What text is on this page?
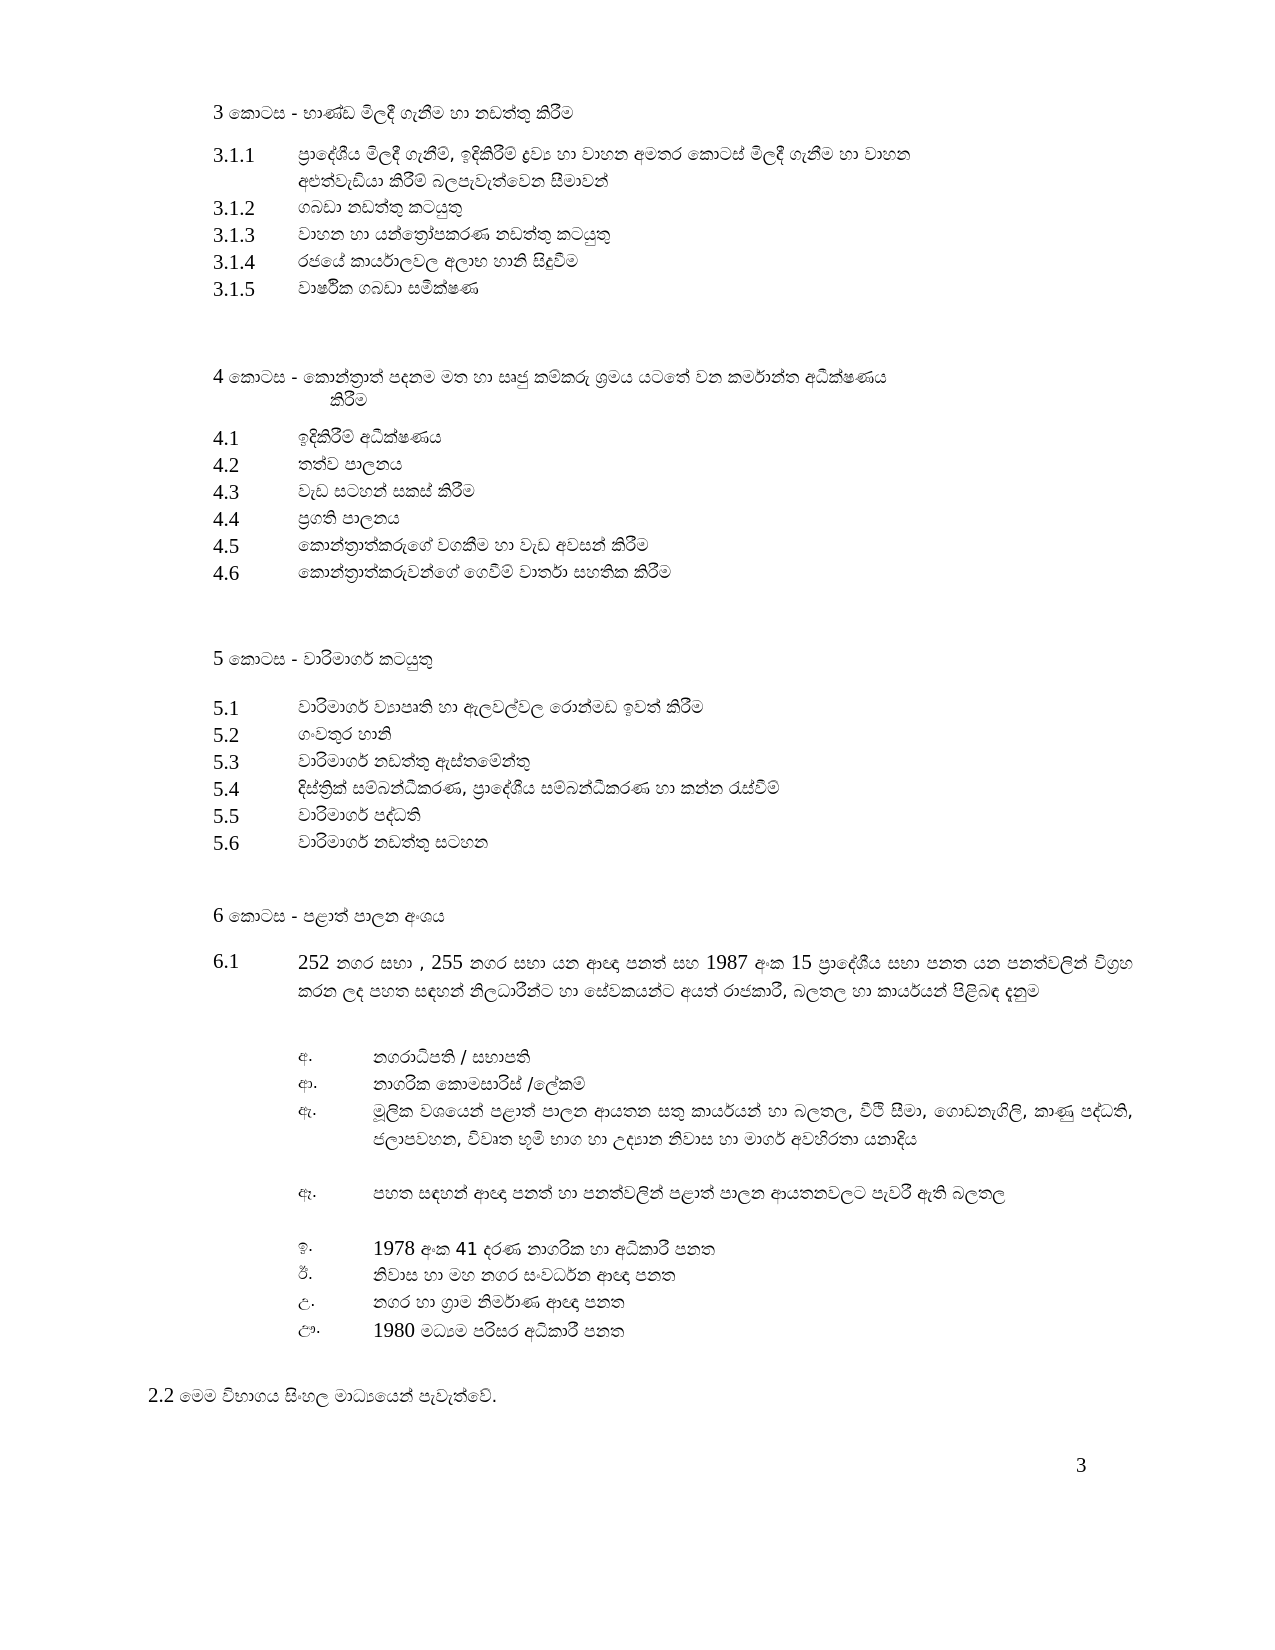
3 කොටස - භාණ්ඩ මිලදී ගැනීම හා නඩත්තු කිරීම
3.1.1 ප්‍රාදේශීය මිලදී ගැනීම්, ඉදිකිරීම් ද්‍රව්‍ය හා වාහන අමතර කොටස් මිලදී ගැනීම හා වාහන
අළුත්වැඩියා කිරීම් බලපැවැත්වෙන සීමාවන්
3.1.2 ගබඩා නඩත්තු කටයුතු
3.1.3 වාහන හා යන්ත්‍රෝපකරණ නඩත්තු කටයුතු
3.1.4 රජයේ කාර්යාලවල අලාභ හානි සිදුවීම
3.1.5 වාර්ෂික ගබඩා සමීක්ෂණ
4 කොටස - කොන්ත්‍රාත් පදනම මත හා සෘජු කම්කරු ශ්‍රමය යටතේ වන කර්මාන්ත අධීක්ෂණය
කිරීම
4.1	ඉදිකිරීම් අධීක්ෂණය
4.2	තත්ව පාලනය
4.3	වැඩ සටහන් සකස් කිරීම
4.4	ප්‍රගති පාලනය
4.5	කොන්ත්‍රාත්කරුගේ වගකීම හා වැඩ අවසන් කිරීම
4.6	කොන්ත්‍රාත්කරුවන්ගේ ගෙවීම් වාර්තා සහතික කිරීම
5 කොටස - වාරිමාර්ග කටයුතු
5.1	වාරිමාර්ග ව්‍යාපෘති හා ඇලවල්වල රොන්මඩ ඉවත් කිරීම
5.2	ගංවතුර හානි
5.3	වාරිමාර්ග නඩත්තු ඇස්තමේන්තු
5.4	දිස්ත්‍රික් සම්බන්ධීකරණ, ප්‍රාදේශීය සම්බන්ධීකරණ හා කන්න රැස්වීම්
5.5	වාරිමාර්ග පද්ධති
5.6	වාරිමාර්ග නඩත්තු සටහන
6 කොටස - පළාත් පාලන අංශය
6.1	252 නගර සභා , 255 නගර සභා යන ආඥා පනත් සහ 1987 අංක 15 ප්‍රාදේශීය සභා පනත යන පනත්වලින් විග්‍රහ කරන ලද පහත සඳහන් නිලධාරීන්ට හා සේවකයන්ට අයත් රාජකාරී, බලතල හා කාර්යයන් පිළිබඳ දැනුම
අ.	නගරාධිපති / සභාපති
ආ.	නාගරික කොමසාරිස් /ලේකම්
ඇ.	මූලික වශයෙන් පළාත් පාලන ආයතන සතු කාර්යයන් හා බලතල, වීථි සීමා, ගොඩනැගිලි, කාණු පද්ධති, ජලාපවහන, විවෘත භූමි භාග හා උද්‍යාන නිවාස හා මාර්ග අවහිරතා යනාදිය
ඈ.	පහත සඳහන් ආඥා පනත් හා පනත්වලින් පළාත් පාලන ආයතනවලට පැවරී ඇති බලතල
ඉ.	1978 අංක 41 දරණ නාගරික හා අධිකාරී පනත
ඊ.	නිවාස හා මහ නගර සංවර්ධන ආඥා පනත
උ.	නගර හා ග්‍රාම නිර්මාණ ආඥා පනත
ඌ. 1980 මධ්‍යම පරිසර අධිකාරී පනත
2.2 මෙම විභාගය සිංහල මාධ්‍යයෙන් පැවැත්වේ.
3
